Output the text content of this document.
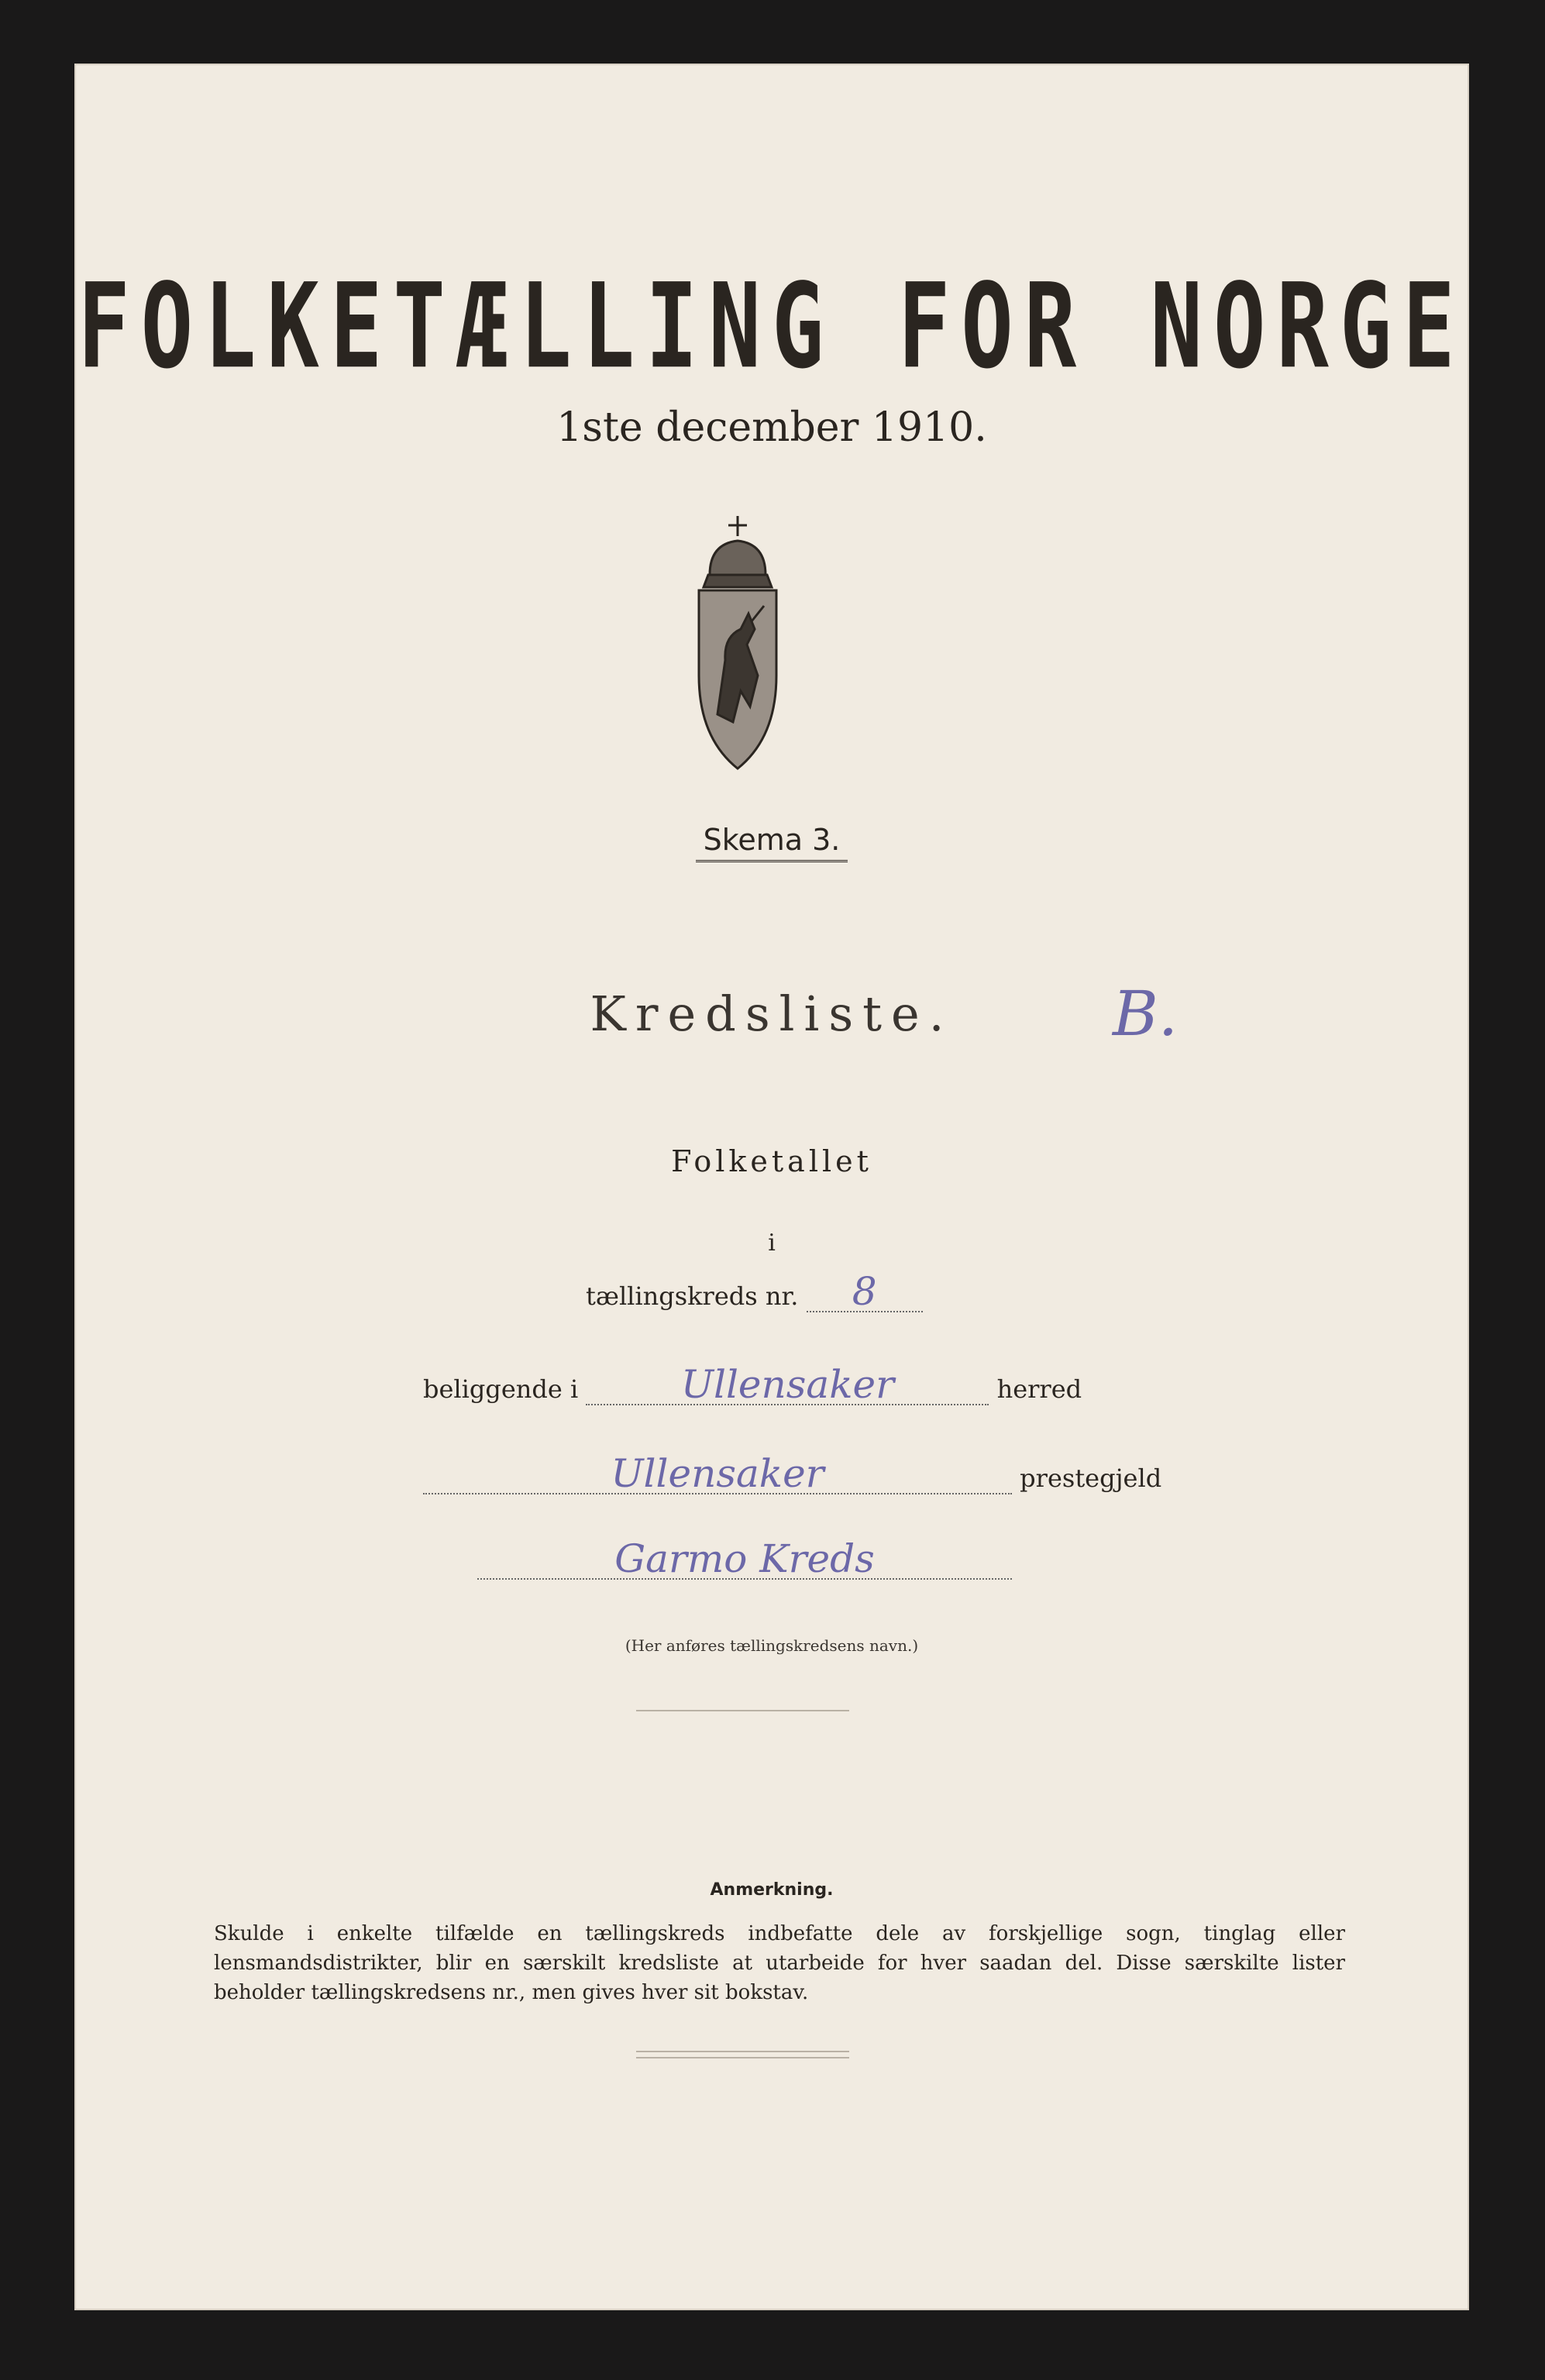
FOLKETÆLLING FOR NORGE
1ste december 1910.
Skema 3.
Kredsliste.	B.
Folketallet
i
tællingskreds nr. 8
beliggende i	Ullensaker	herred
Ullensaker	prestegjeld
Garmo Kreds
(Her anføres tællingskredsens navn.)
Anmerkning.
Skulde i enkelte tilfælde en tællingskreds indbefatte dele av forskjellige sogn, tinglag eller lensmandsdistrikter, blir en særskilt kredsliste at utarbeide for hver saadan del. Disse særskilte lister beholder tællingskredsens nr., men gives hver sit bokstav.
